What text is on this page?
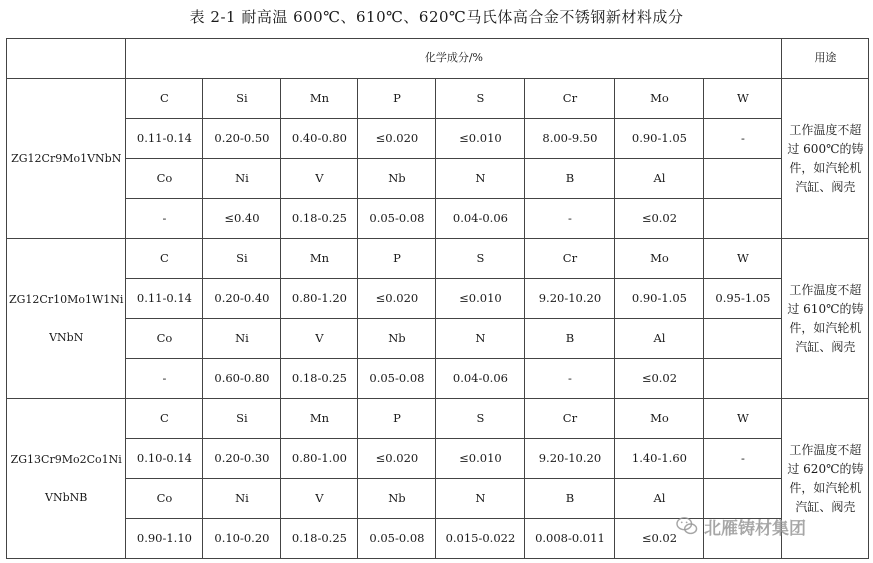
表 2-1 耐高温 600℃、610℃、620℃马氏体高合金不锈钢新材料成分
	化学成分/%								用途

ZG12Cr9Mo1VNbN	C	Si	Mn	P	S	Cr	Mo	W	工作温度不超
过 600℃的铸
件，如汽轮机
汽缸、阀壳

	0.11-0.14	0.20-0.50	0.40-0.80	≤0.020	≤0.010	8.00-9.50	0.90-1.05	-	
	Co	Ni	V	Nb	N	B	Al		
	-	≤0.40	0.18-0.25	0.05-0.08	0.04-0.06	-	≤0.02		

ZG12Cr10Mo1W1Ni
VNbN	C	Si	Mn	P	S	Cr	Mo	W	工作温度不超
过 610℃的铸
件，如汽轮机
汽缸、阀壳

	0.11-0.14	0.20-0.40	0.80-1.20	≤0.020	≤0.010	9.20-10.20	0.90-1.05	0.95-1.05	
	Co	Ni	V	Nb	N	B	Al		
	-	0.60-0.80	0.18-0.25	0.05-0.08	0.04-0.06	-	≤0.02		

ZG13Cr9Mo2Co1Ni
VNbNB	C	Si	Mn	P	S	Cr	Mo	W	工作温度不超
过 620℃的铸
件，如汽轮机
汽缸、阀壳

	0.10-0.14	0.20-0.30	0.80-1.00	≤0.020	≤0.010	9.20-10.20	1.40-1.60	-	
	Co	Ni	V	Nb	N	B	Al		
	0.90-1.10	0.10-0.20	0.18-0.25	0.05-0.08	0.015-0.022	0.008-0.011	≤0.02		北雁铸材集团
